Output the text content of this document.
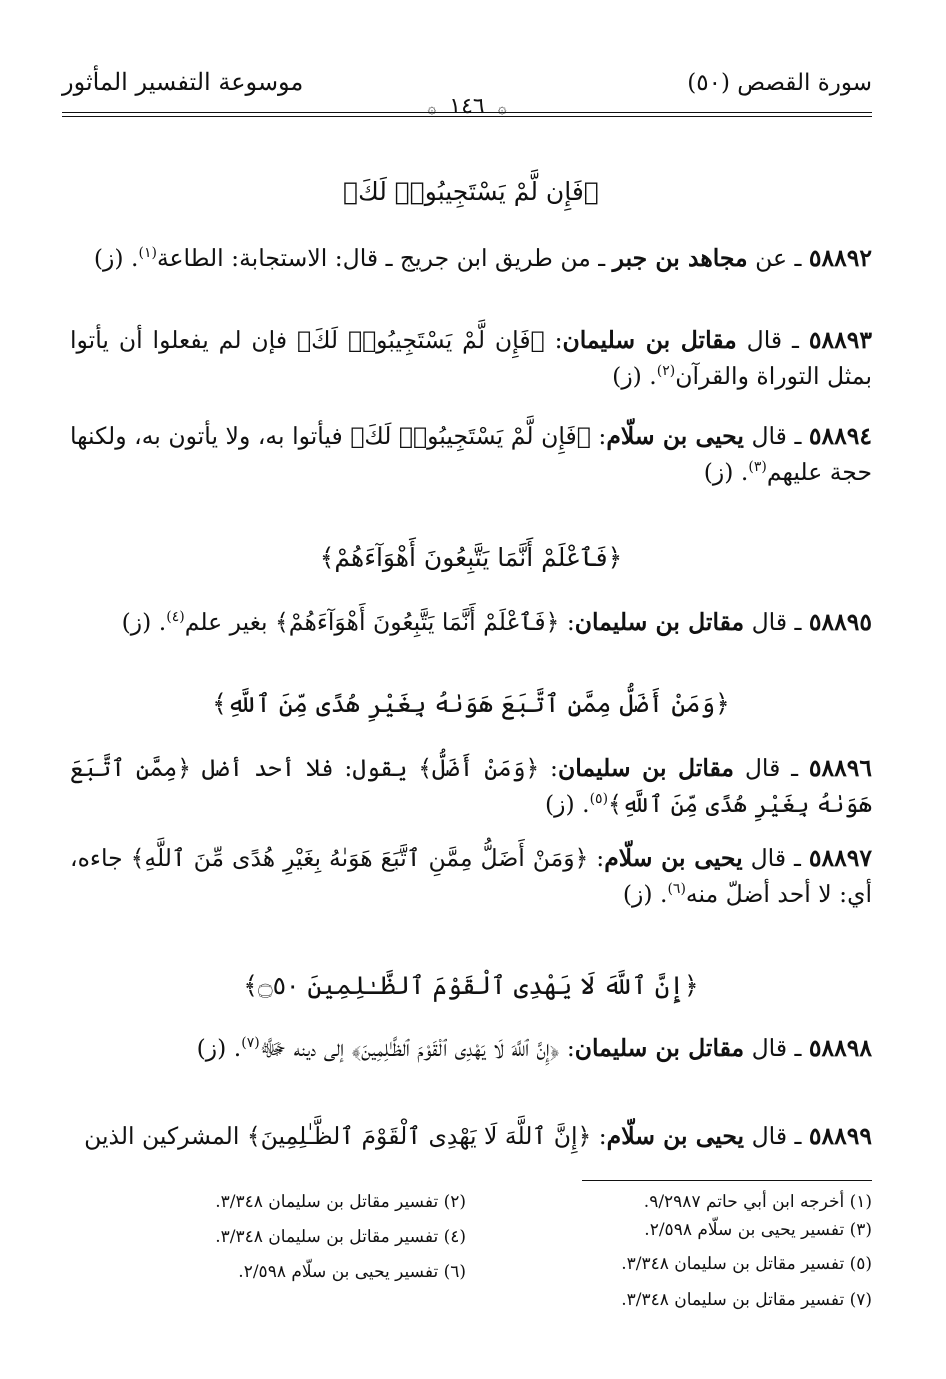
سورة القصص (٥٠)
۞ ١٤٦ ۞
موسوعة التفسير المأثور
﴿فَإِن لَّمْ يَسْتَجِيبُوا۟ لَكَ﴾
٥٨٨٩٢ ـ عن مجاهد بن جبر ـ من طريق ابن جريج ـ قال: الاستجابة: الطاعة$^{(١)}$. (ز)
٥٨٨٩٣ ـ قال مقاتل بن سليمان: ﴿فَإِن لَّمْ يَسْتَجِيبُوا۟ لَكَ﴾ فإن لم يفعلوا أن يأتوا بمثل التوراة والقرآن$^{(٢)}$. (ز)
٥٨٨٩٤ ـ قال يحيى بن سلّام: ﴿فَإِن لَّمْ يَسْتَجِيبُوا۟ لَكَ﴾ فيأتوا به، ولا يأتون به، ولكنها حجة عليهم$^{(٣)}$. (ز)
﴿فَٱعْلَمْ أَنَّمَا يَتَّبِعُونَ أَهْوَآءَهُمْ﴾
٥٨٨٩٥ ـ قال مقاتل بن سليمان: ﴿فَٱعْلَمْ أَنَّمَا يَتَّبِعُونَ أَهْوَآءَهُمْ﴾ بغير علم$^{(٤)}$. (ز)
﴿وَمَنْ أَضَلُّ مِمَّنِ ٱتَّبَعَ هَوَىٰهُ بِغَيْرِ هُدًى مِّنَ ٱللَّهِ﴾
٥٨٨٩٦ ـ قال مقاتل بن سليمان: ﴿وَمَنْ أَضَلُّ﴾ يقول: فلا أحد أضل ﴿مِمَّنِ ٱتَّبَعَ هَوَىٰهُ بِغَيْرِ هُدًى مِّنَ ٱللَّهِ﴾$^{(٥)}$. (ز)
٥٨٨٩٧ ـ قال يحيى بن سلّام: ﴿وَمَنْ أَضَلُّ مِمَّنِ ٱتَّبَعَ هَوَىٰهُ بِغَيْرِ هُدًى مِّنَ ٱللَّهِ﴾ جاءه، أي: لا أحد أضلّ منه$^{(٦)}$. (ز)
﴿إِنَّ ٱللَّهَ لَا يَهْدِى ٱلْقَوْمَ ٱلظَّـٰلِمِينَ ۝٥٠﴾
٥٨٨٩٨ ـ قال مقاتل بن سليمان: ﴿إِنَّ ٱللَّهَ لَا يَهْدِى ٱلْقَوْمَ ٱلظَّـٰلِمِينَ﴾ إلى دينه ﷻ$^{(٧)}$. (ز)
٥٨٨٩٩ ـ قال يحيى بن سلّام: ﴿إِنَّ ٱللَّهَ لَا يَهْدِى ٱلْقَوْمَ ٱلظَّـٰلِمِينَ﴾ المشركين الذين
(١) أخرجه ابن أبي حاتم ٩/٢٩٨٧.
(٣) تفسير يحيى بن سلّام ٢/٥٩٨.
(٥) تفسير مقاتل بن سليمان ٣/٣٤٨.
(٧) تفسير مقاتل بن سليمان ٣/٣٤٨.
(٢) تفسير مقاتل بن سليمان ٣/٣٤٨.
(٤) تفسير مقاتل بن سليمان ٣/٣٤٨.
(٦) تفسير يحيى بن سلّام ٢/٥٩٨.
